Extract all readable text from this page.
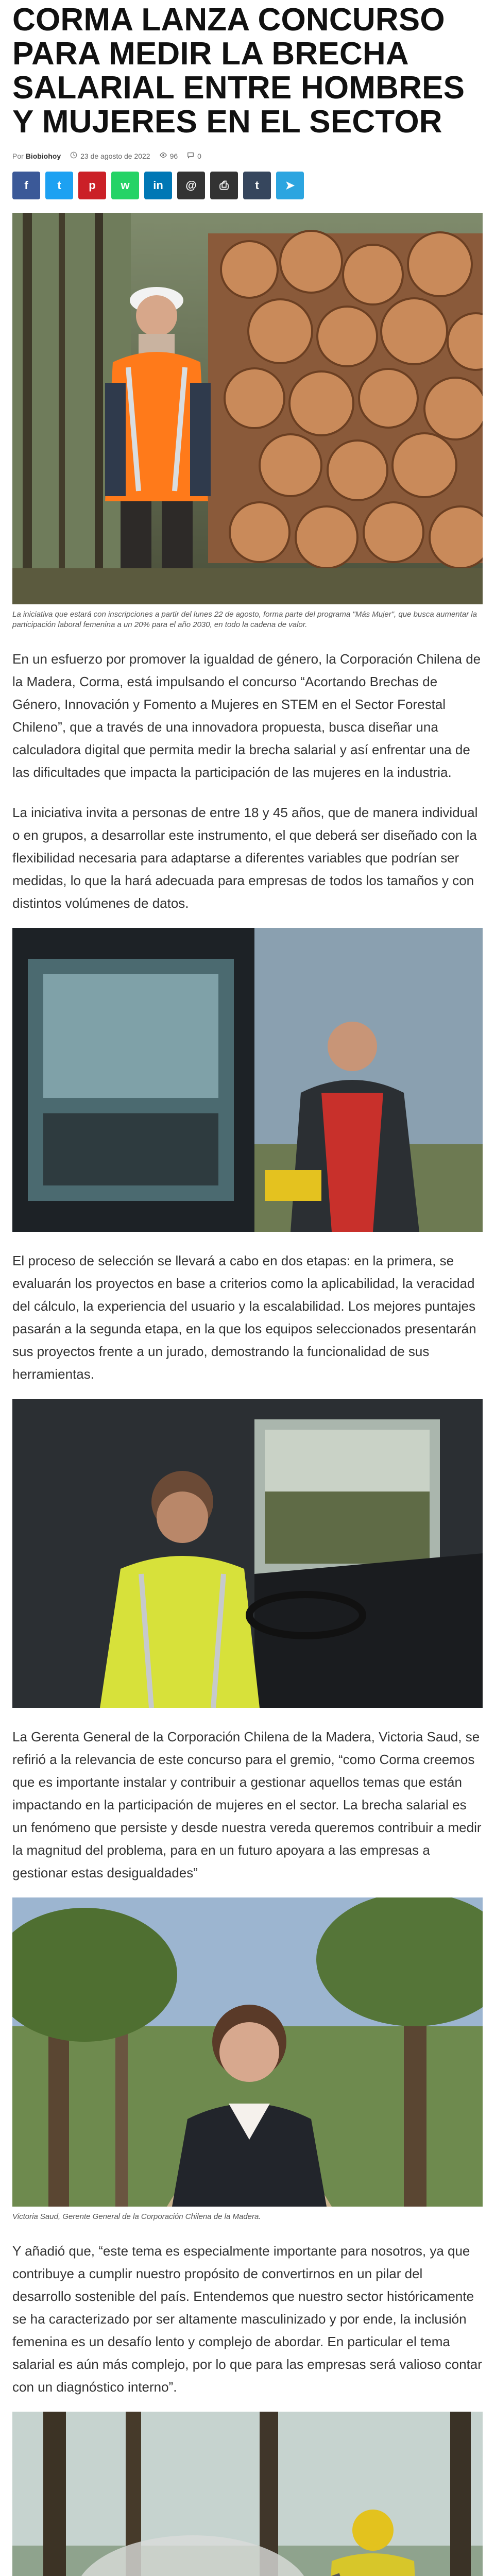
CORMA LANZA CONCURSO PARA MEDIR LA BRECHA SALARIAL ENTRE HOMBRES Y MUJERES EN EL SECTOR
Por Biobiohoy	23 de agosto de 2022	96	0
f	t p w in @ ⎙ t ➤

La iniciativa que estará con inscripciones a partir del lunes 22 de agosto, forma parte del programa "Más Mujer", que busca aumentar la participación laboral femenina a un 20% para el año 2030, en todo la cadena de valor.

En un esfuerzo por promover la igualdad de género, la Corporación Chilena de la Madera, Corma, está impulsando el concurso “Acortando Brechas de Género, Innovación y Fomento a Mujeres en STEM en el Sector Forestal Chileno”, que a través de una innovadora propuesta, busca diseñar una calculadora digital que permita medir la brecha salarial y así enfrentar una de las dificultades que impacta la participación de las mujeres en la industria.

La iniciativa invita a personas de entre 18 y 45 años, que de manera individual o en grupos, a desarrollar este instrumento, el que deberá ser diseñado con la flexibilidad necesaria para adaptarse a diferentes variables que podrían ser medidas, lo que la hará adecuada para empresas de todos los tamaños y con distintos volúmenes de datos.

El proceso de selección se llevará a cabo en dos etapas: en la primera, se evaluarán los proyectos en base a criterios como la aplicabilidad, la veracidad del cálculo, la experiencia del usuario y la escalabilidad. Los mejores puntajes pasarán a la segunda etapa, en la que los equipos seleccionados presentarán sus proyectos frente a un jurado, demostrando la funcionalidad de sus herramientas.

La Gerenta General de la Corporación Chilena de la Madera, Victoria Saud, se refirió a la relevancia de este concurso para el gremio, “como Corma creemos que es importante instalar y contribuir a gestionar aquellos temas que están impactando en la participación de mujeres en el sector. La brecha salarial es un fenómeno que persiste y desde nuestra vereda queremos contribuir a medir la magnitud del problema, para en un futuro apoyara a las empresas a gestionar estas desigualdades”

Victoria Saud, Gerente General de la Corporación Chilena de la Madera.

Y añadió que, “este tema es especialmente importante para nosotros, ya que contribuye a cumplir nuestro propósito de convertirnos en un pilar del desarrollo sostenible del país. Entendemos que nuestro sector históricamente se ha caracterizado por ser altamente masculinizado y por ende, la inclusión femenina es un desafío lento y complejo de abordar. En particular el tema salarial es aún más complejo, por lo que para las empresas será valioso contar con un diagnóstico interno”.
